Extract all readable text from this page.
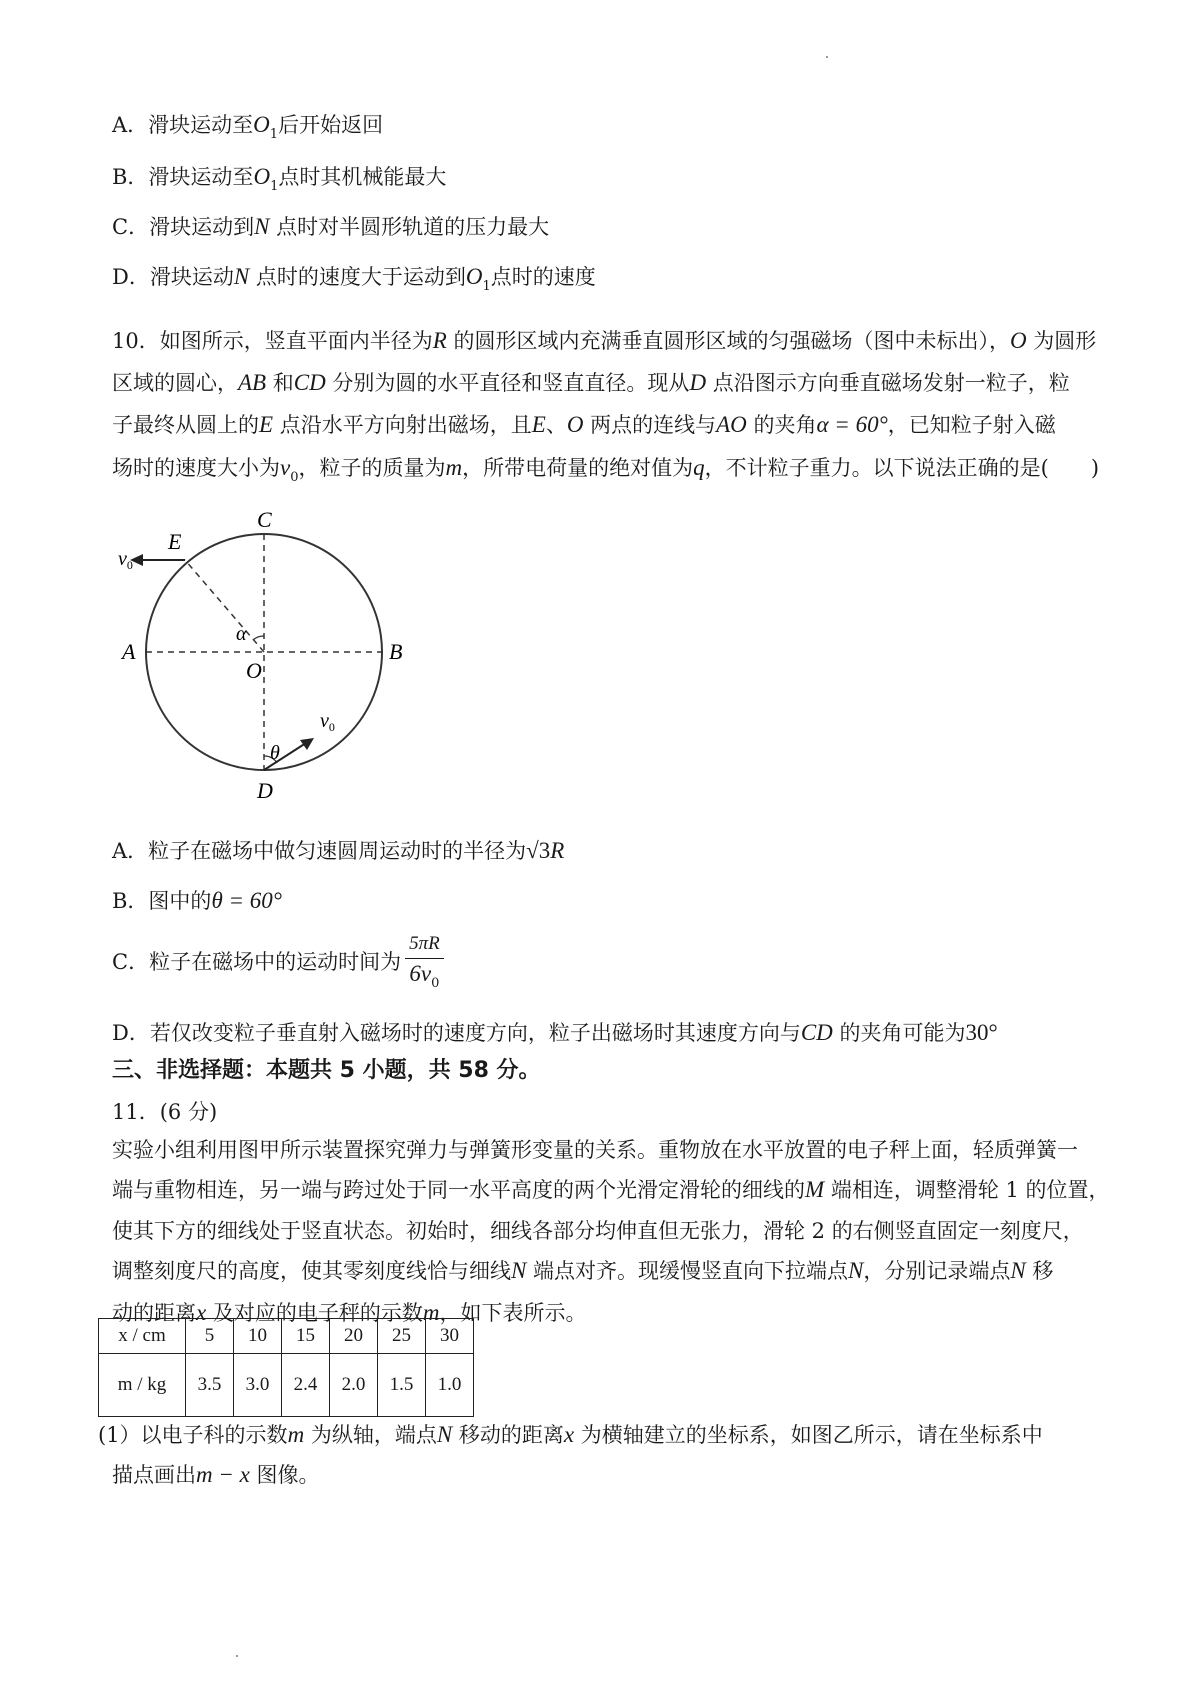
A．滑块运动至$O_1$后开始返回
B．滑块运动至$O_1$点时其机械能最大
C．滑块运动到N 点时对半圆形轨道的压力最大
D．滑块运动N 点时的速度大于运动到$O_1$点时的速度
10．如图所示，竖直平面内半径为R 的圆形区域内充满垂直圆形区域的匀强磁场（图中未标出），O 为圆形
区域的圆心，AB 和CD 分别为圆的水平直径和竖直直径。现从D 点沿图示方向垂直磁场发射一粒子，粒
子最终从圆上的E 点沿水平方向射出磁场，且E、O 两点的连线与AO 的夹角α = 60°，已知粒子射入磁
场时的速度大小为$v_0$，粒子的质量为m，所带电荷量的绝对值为q，不计粒子重力。以下说法正确的是(　　)
C
E
A	B
O
D
α
θ
$v_0$
$v_0$
A．粒子在磁场中做匀速圆周运动时的半径为√3R
B．图中的θ = 60°
C．粒子在磁场中的运动时间为 $\frac{5\pi R}{6v_0}$
D．若仅改变粒子垂直射入磁场时的速度方向，粒子出磁场时其速度方向与CD 的夹角可能为30°
三、非选择题：本题共 5 小题，共 58 分。
11．(6 分)
实验小组利用图甲所示装置探究弹力与弹簧形变量的关系。重物放在水平放置的电子秤上面，轻质弹簧一
端与重物相连，另一端与跨过处于同一水平高度的两个光滑定滑轮的细线的M 端相连，调整滑轮 1 的位置，
使其下方的细线处于竖直状态。初始时，细线各部分均伸直但无张力，滑轮 2 的右侧竖直固定一刻度尺，
调整刻度尺的高度，使其零刻度线恰与细线N 端点对齐。现缓慢竖直向下拉端点N，分别记录端点N 移
动的距离x 及对应的电子秤的示数m，如下表所示。
x / cm	5	10	15	20	25	30
m / kg	3.5	3.0	2.4	2.0	1.5	1.0
(1）以电子科的示数m 为纵轴，端点N 移动的距离x 为横轴建立的坐标系，如图乙所示，请在坐标系中
描点画出m − x 图像。
